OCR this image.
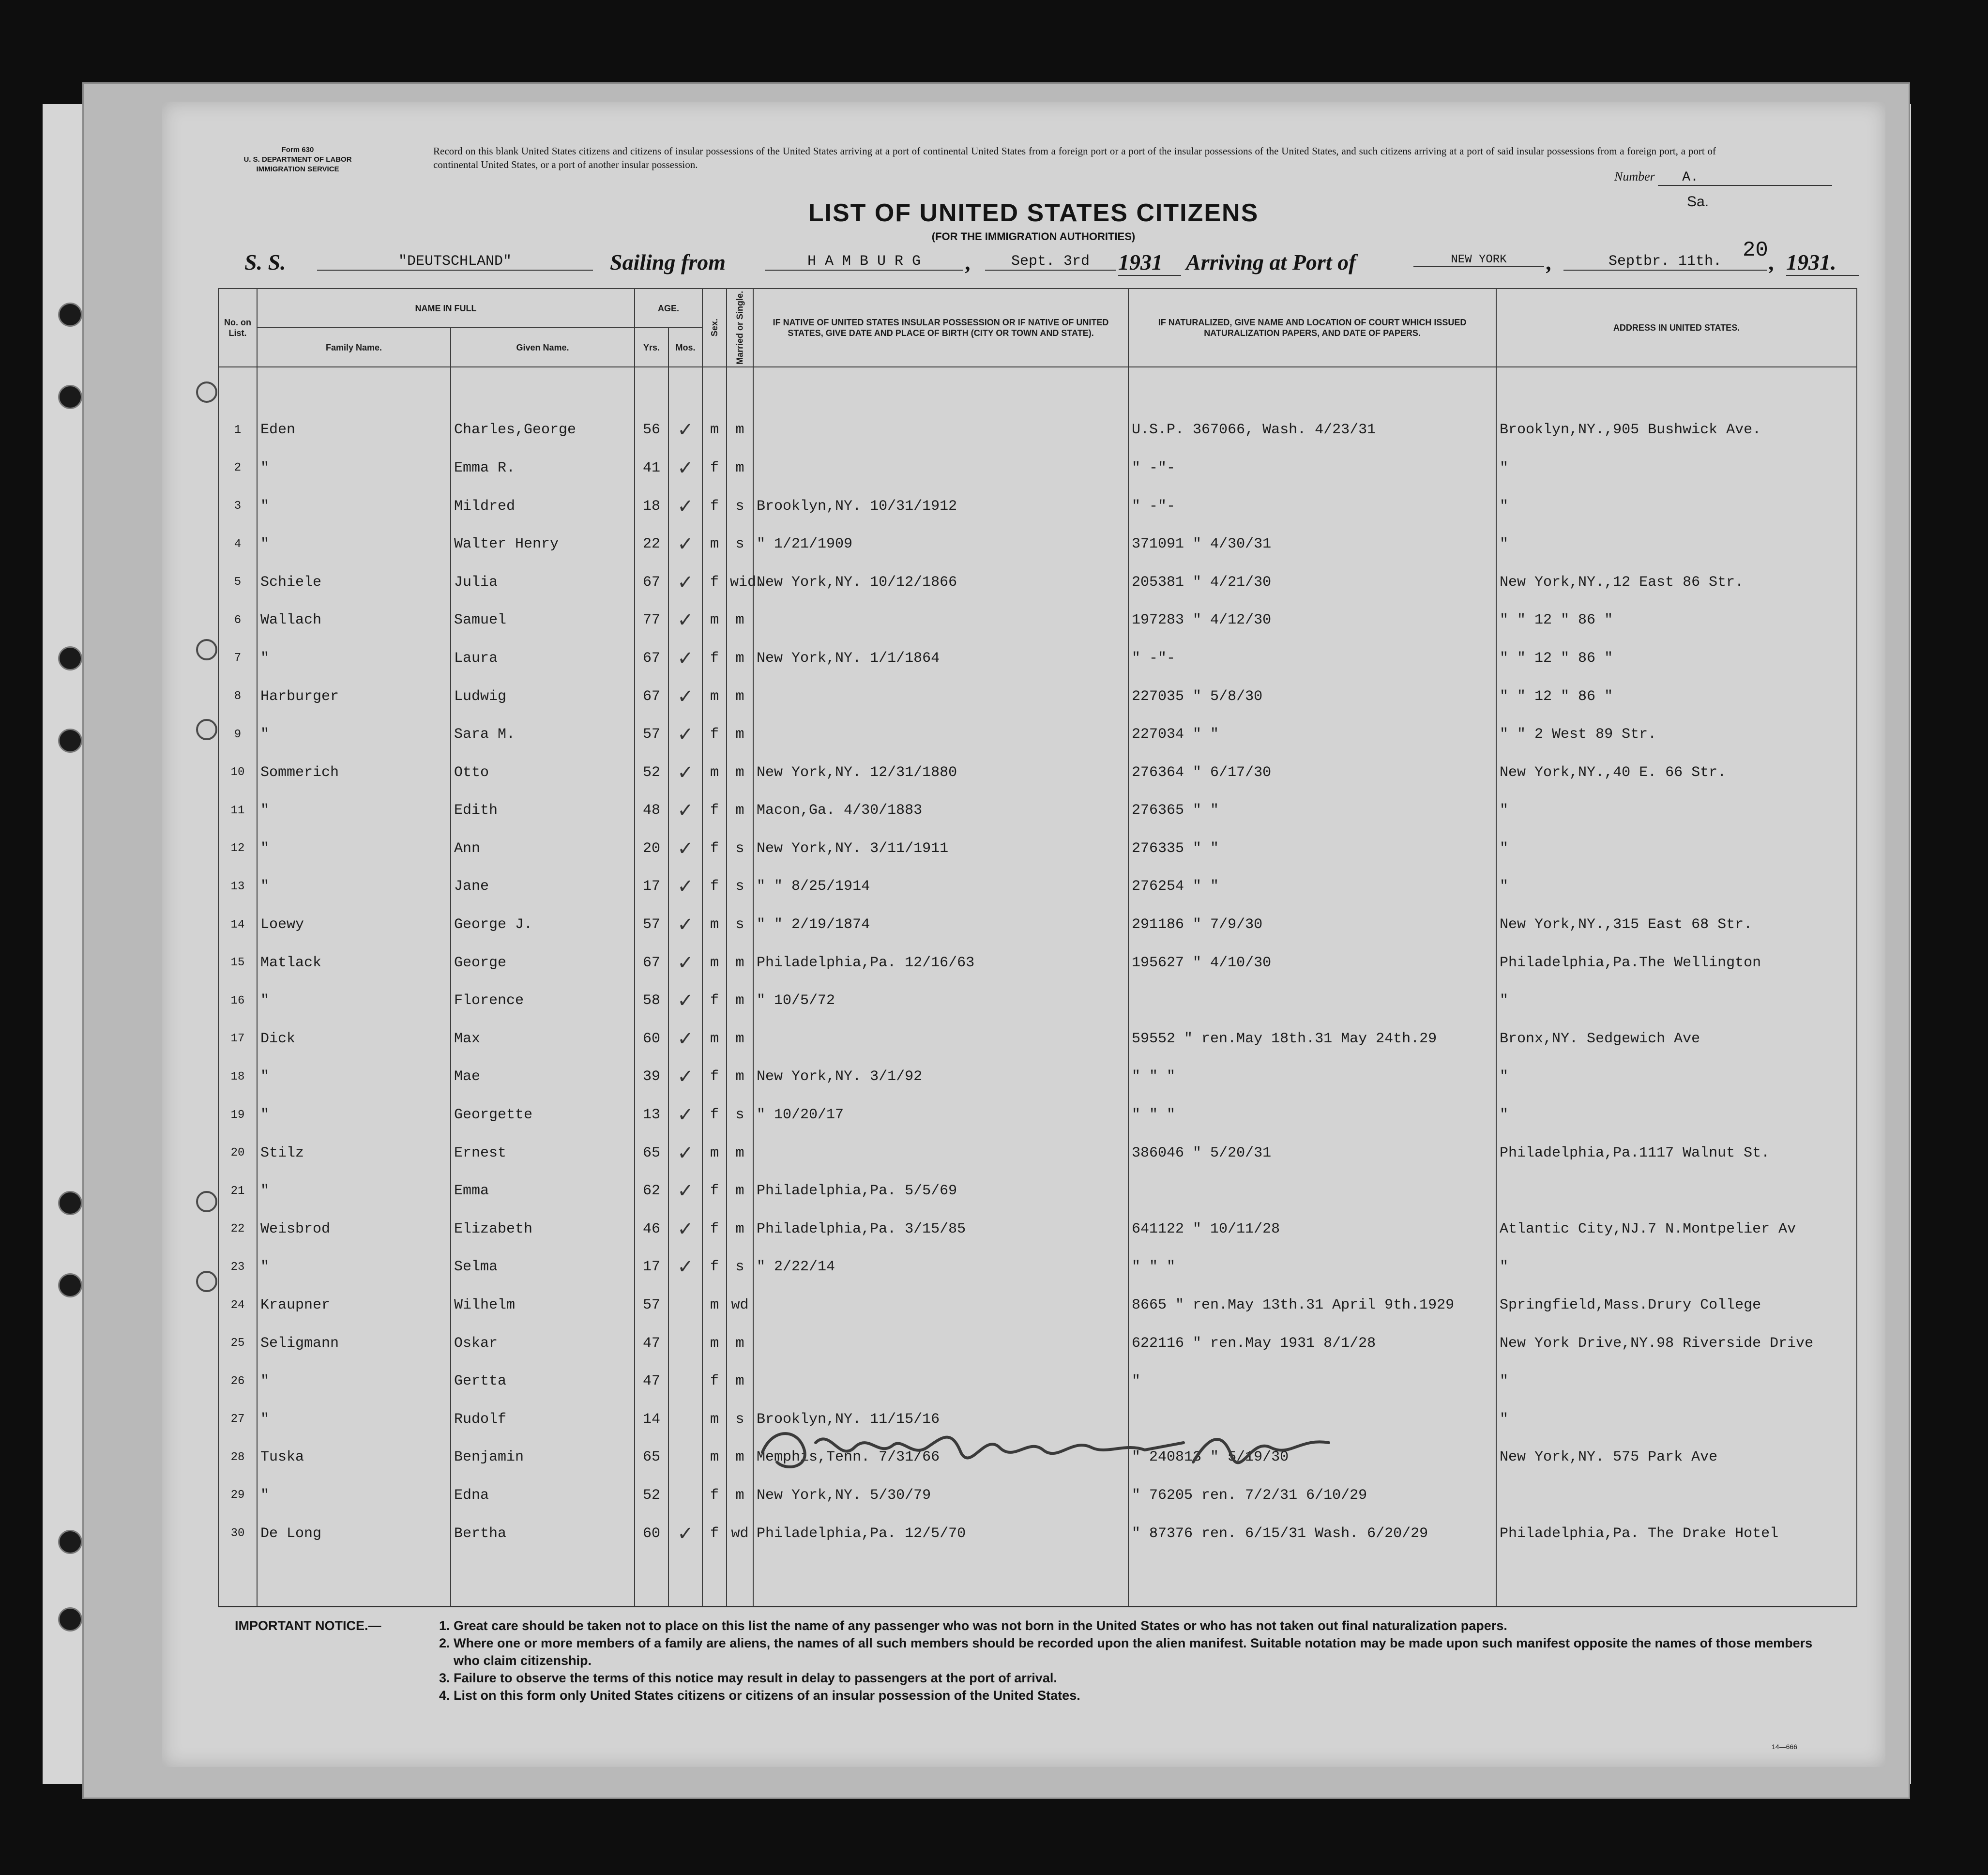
Form 630
U. S. DEPARTMENT OF LABOR
IMMIGRATION SERVICE
Record on this blank United States citizens and citizens of insular possessions of the United States arriving at a port of continental United States from a foreign port or a port of the insular possessions of the United States, and such citizens arriving at a port of said insular possessions from a foreign port, a port of continental United States, or a port of another insular possession.
Number A.
Sa.
20
LIST OF UNITED STATES CITIZENS
(FOR THE IMMIGRATION AUTHORITIES)
S. S.	"DEUTSCHLAND"	Sailing from	H A M B U R G	,	Sept. 3rd	1931	Arriving at Port of	NEW YORK	,	Septbr. 11th.	, 1931.
No. on List.	NAME IN FULL		AGE.		Sex.	Married or Single.	IF NATIVE OF UNITED STATES INSULAR POSSESSION OR IF NATIVE OF UNITED STATES, GIVE DATE AND PLACE OF BIRTH (CITY OR TOWN AND STATE).	IF NATURALIZED, GIVE NAME AND LOCATION OF COURT WHICH ISSUED NATURALIZATION PAPERS, AND DATE OF PAPERS.	ADDRESS IN UNITED STATES.
	Family Name.	Given Name.	Yrs.	Mos.					

1	Eden	Charles,George	56	✓	m	m		U.S.P. 367066, Wash. 4/23/31	Brooklyn,NY.,905 Bushwick Ave.
2	"	Emma R.	41	✓	f	m		" -"-	"
3	"	Mildred	18	✓	f	s	Brooklyn,NY. 10/31/1912	" -"-	"
4	"	Walter Henry	22	✓	m	s	" 1/21/1909	371091 " 4/30/31	"
5	Schiele	Julia	67	✓	f	wid.	New York,NY. 10/12/1866	205381 " 4/21/30	New York,NY.,12 East 86 Str.
6	Wallach	Samuel	77	✓	m	m		197283 " 4/12/30	" " 12 " 86 "
7	"	Laura	67	✓	f	m	New York,NY. 1/1/1864	" -"-	" " 12 " 86 "
8	Harburger	Ludwig	67	✓	m	m		227035 " 5/8/30	" " 12 " 86 "
9	"	Sara M.	57	✓	f	m		227034 " "	" " 2 West 89 Str.
10	Sommerich	Otto	52	✓	m	m	New York,NY. 12/31/1880	276364 " 6/17/30	New York,NY.,40 E. 66 Str.
11	"	Edith	48	✓	f	m	Macon,Ga. 4/30/1883	276365 " "	"
12	"	Ann	20	✓	f	s	New York,NY. 3/11/1911	276335 " "	"
13	"	Jane	17	✓	f	s	" " 8/25/1914	276254 " "	"
14	Loewy	George J.	57	✓	m	s	" " 2/19/1874	291186 " 7/9/30	New York,NY.,315 East 68 Str.
15	Matlack	George	67	✓	m	m	Philadelphia,Pa. 12/16/63	195627 " 4/10/30	Philadelphia,Pa.The Wellington
16	"	Florence	58	✓	f	m	" 10/5/72		"
17	Dick	Max	60	✓	m	m		59552 " ren.May 18th.31 May 24th.29	Bronx,NY. Sedgewich Ave
18	"	Mae	39	✓	f	m	New York,NY. 3/1/92	" " "	"
19	"	Georgette	13	✓	f	s	" 10/20/17	" " "	"
20	Stilz	Ernest	65	✓	m	m		386046 " 5/20/31	Philadelphia,Pa.1117 Walnut St.
21	"	Emma	62	✓	f	m	Philadelphia,Pa. 5/5/69		
22	Weisbrod	Elizabeth	46	✓	f	m	Philadelphia,Pa. 3/15/85	641122 " 10/11/28	Atlantic City,NJ.7 N.Montpelier Av
23	"	Selma	17	✓	f	s	" 2/22/14	" " "	"
24	Kraupner	Wilhelm	57		m	wd		8665 " ren.May 13th.31 April 9th.1929	Springfield,Mass.Drury College
25	Seligmann	Oskar	47		m	m		622116 " ren.May 1931 8/1/28	New York Drive,NY.98 Riverside Drive
26	"	Gertta	47		f	m		"	"
27	"	Rudolf	14		m	s	Brooklyn,NY. 11/15/16		"
28	Tuska	Benjamin	65		m	m	Memphis,Tenn. 7/31/66	" 240813 " 5/19/30	New York,NY. 575 Park Ave
29	"	Edna	52		f	m	New York,NY. 5/30/79	" 76205 ren. 7/2/31 6/10/29	
30	De Long	Bertha	60	✓	f	wd	Philadelphia,Pa. 12/5/70	" 87376 ren. 6/15/31 Wash. 6/20/29	Philadelphia,Pa. The Drake Hotel

IMPORTANT NOTICE.—	1. Great care should be taken not to place on this list the name of any passenger who was not born in the United States or who has not taken out final naturalization papers.
2. Where one or more members of a family are aliens, the names of all such members should be recorded upon the alien manifest. Suitable notation may be made upon such manifest opposite the names of those members who claim citizenship.
3. Failure to observe the terms of this notice may result in delay to passengers at the port of arrival.
4. List on this form only United States citizens or citizens of an insular possession of the United States.
14—666
